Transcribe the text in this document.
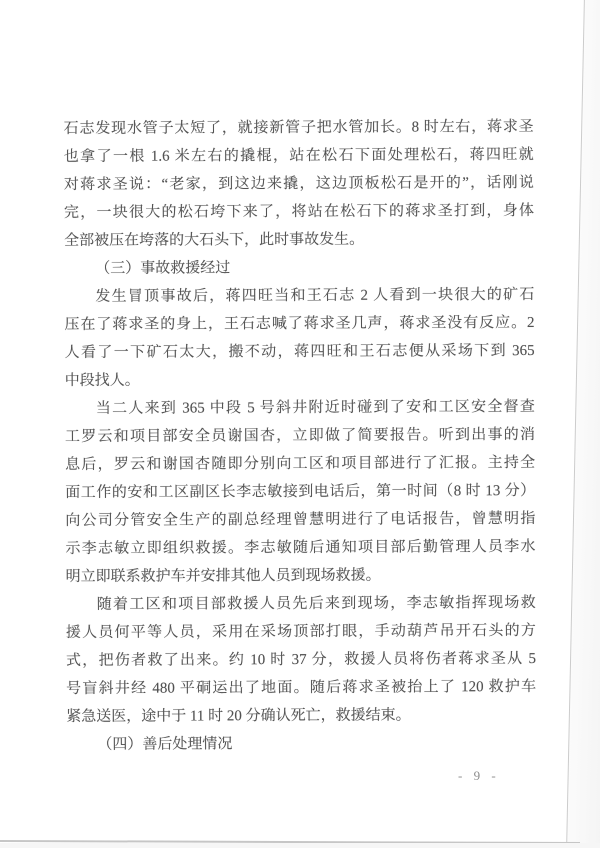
石志发现水管子太短了，就接新管子把水管加长。8 时左右，蒋求圣
也拿了一根 1.6 米左右的撬棍，站在松石下面处理松石，蒋四旺就
对蒋求圣说：“老家，到这边来撬，这边顶板松石是开的”，话刚说
完，一块很大的松石垮下来了，将站在松石下的蒋求圣打到，身体
全部被压在垮落的大石头下，此时事故发生。
（三）事故救援经过
发生冒顶事故后，蒋四旺当和王石志 2 人看到一块很大的矿石
压在了蒋求圣的身上，王石志喊了蒋求圣几声，蒋求圣没有反应。2
人看了一下矿石太大，搬不动，蒋四旺和王石志便从采场下到 365
中段找人。
当二人来到 365 中段 5 号斜井附近时碰到了安和工区安全督查
工罗云和项目部安全员谢国杏，立即做了简要报告。听到出事的消
息后，罗云和谢国杏随即分别向工区和项目部进行了汇报。主持全
面工作的安和工区副区长李志敏接到电话后，第一时间（8 时 13 分）
向公司分管安全生产的副总经理曾慧明进行了电话报告，曾慧明指
示李志敏立即组织救援。李志敏随后通知项目部后勤管理人员李水
明立即联系救护车并安排其他人员到现场救援。
随着工区和项目部救援人员先后来到现场，李志敏指挥现场救
援人员何平等人员，采用在采场顶部打眼，手动葫芦吊开石头的方
式，把伤者救了出来。约 10 时 37 分，救援人员将伤者蒋求圣从 5
号盲斜井经 480 平硐运出了地面。随后蒋求圣被抬上了 120 救护车
紧急送医，途中于 11 时 20 分确认死亡，救援结束。
（四）善后处理情况
- 9 -
